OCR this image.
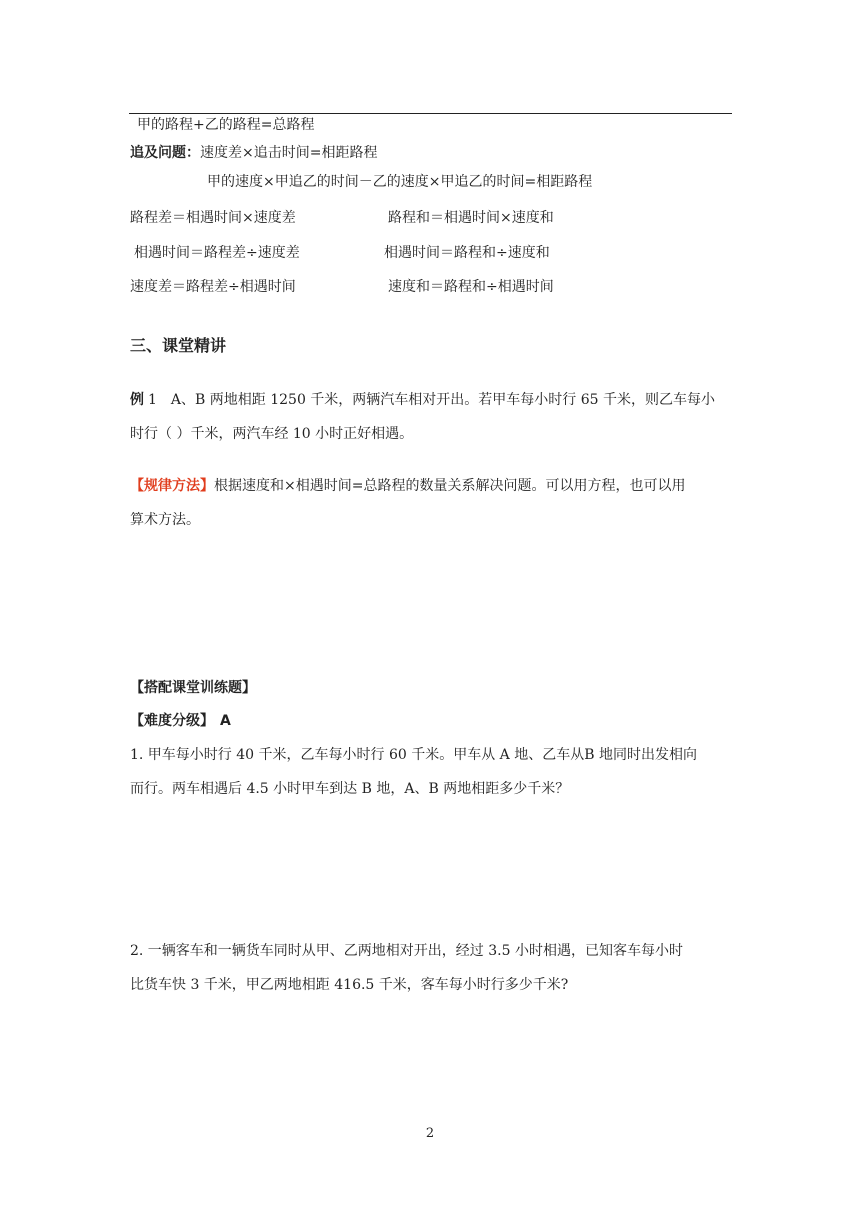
甲的路程+乙的路程=总路程
追及问题：速度差×追击时间=相距路程
甲的速度×甲追乙的时间－乙的速度×甲追乙的时间=相距路程
路程差＝相遇时间×速度差	路程和＝相遇时间×速度和
相遇时间＝路程差÷速度差	相遇时间＝路程和÷速度和
速度差＝路程差÷相遇时间	速度和＝路程和÷相遇时间
三、课堂精讲
例 1 A、B 两地相距 1250 千米，两辆汽车相对开出。若甲车每小时行 65 千米，则乙车每小
时行（ ）千米，两汽车经 10 小时正好相遇。
【规律方法】根据速度和×相遇时间=总路程的数量关系解决问题。可以用方程，也可以用
算术方法。
【搭配课堂训练题】
【难度分级】 A
1. 甲车每小时行 40 千米，乙车每小时行 60 千米。甲车从 A 地、乙车从B 地同时出发相向
而行。两车相遇后 4.5 小时甲车到达 B 地，A、B 两地相距多少千米？
2. 一辆客车和一辆货车同时从甲、乙两地相对开出，经过 3.5 小时相遇，已知客车每小时
比货车快 3 千米，甲乙两地相距 416.5 千米，客车每小时行多少千米?
2
